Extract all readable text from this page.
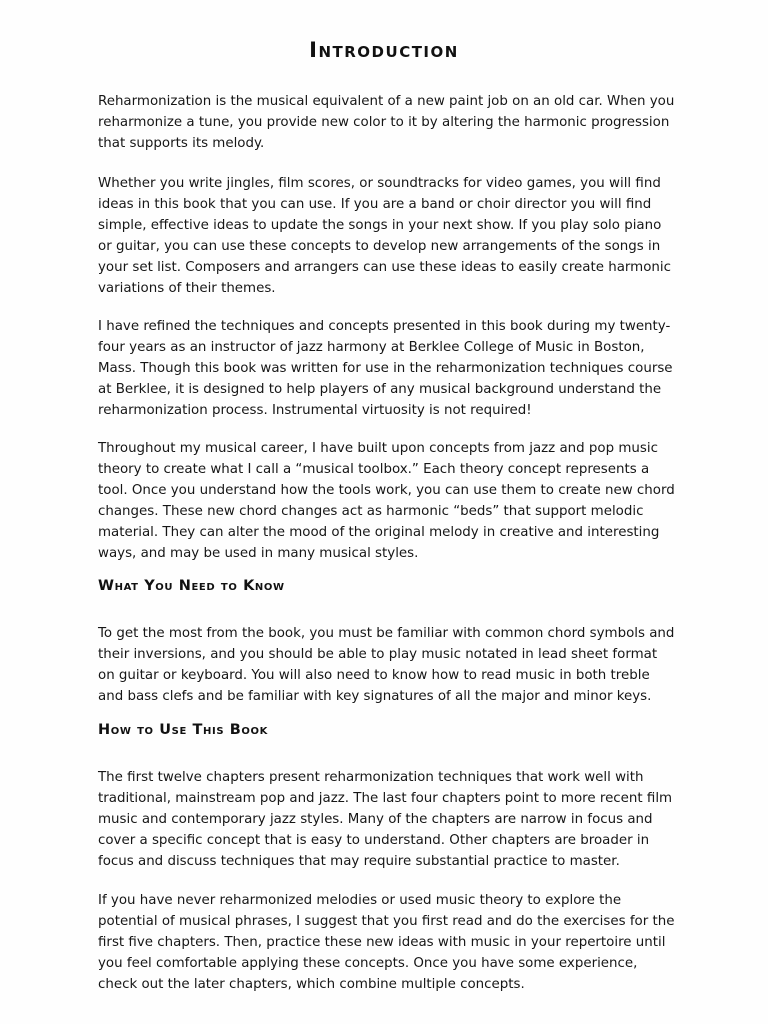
Introduction

Reharmonization is the musical equivalent of a new paint job on an old car. When you reharmonize a tune, you provide new color to it by altering the harmonic progression that supports its melody.

Whether you write jingles, film scores, or soundtracks for video games, you will find ideas in this book that you can use. If you are a band or choir director you will find simple, effective ideas to update the songs in your next show. If you play solo piano or guitar, you can use these concepts to develop new arrangements of the songs in your set list. Composers and arrangers can use these ideas to easily create harmonic variations of their themes.

I have refined the techniques and concepts presented in this book during my twenty-four years as an instructor of jazz harmony at Berklee College of Music in Boston, Mass. Though this book was written for use in the reharmonization techniques course at Berklee, it is designed to help players of any musical background understand the reharmonization process. Instrumental virtuosity is not required!

Throughout my musical career, I have built upon concepts from jazz and pop music theory to create what I call a “musical toolbox.” Each theory concept represents a tool. Once you understand how the tools work, you can use them to create new chord changes. These new chord changes act as harmonic “beds” that support melodic material. They can alter the mood of the original melody in creative and interesting ways, and may be used in many musical styles.

What You Need to Know

To get the most from the book, you must be familiar with common chord symbols and their inversions, and you should be able to play music notated in lead sheet format on guitar or keyboard. You will also need to know how to read music in both treble and bass clefs and be familiar with key signatures of all the major and minor keys.

How to Use This Book

The first twelve chapters present reharmonization techniques that work well with traditional, mainstream pop and jazz. The last four chapters point to more recent film music and contemporary jazz styles. Many of the chapters are narrow in focus and cover a specific concept that is easy to understand. Other chapters are broader in focus and discuss techniques that may require substantial practice to master.

If you have never reharmonized melodies or used music theory to explore the potential of musical phrases, I suggest that you first read and do the exercises for the first five chapters. Then, practice these new ideas with music in your repertoire until you feel comfortable applying these concepts. Once you have some experience, check out the later chapters, which combine multiple concepts.
